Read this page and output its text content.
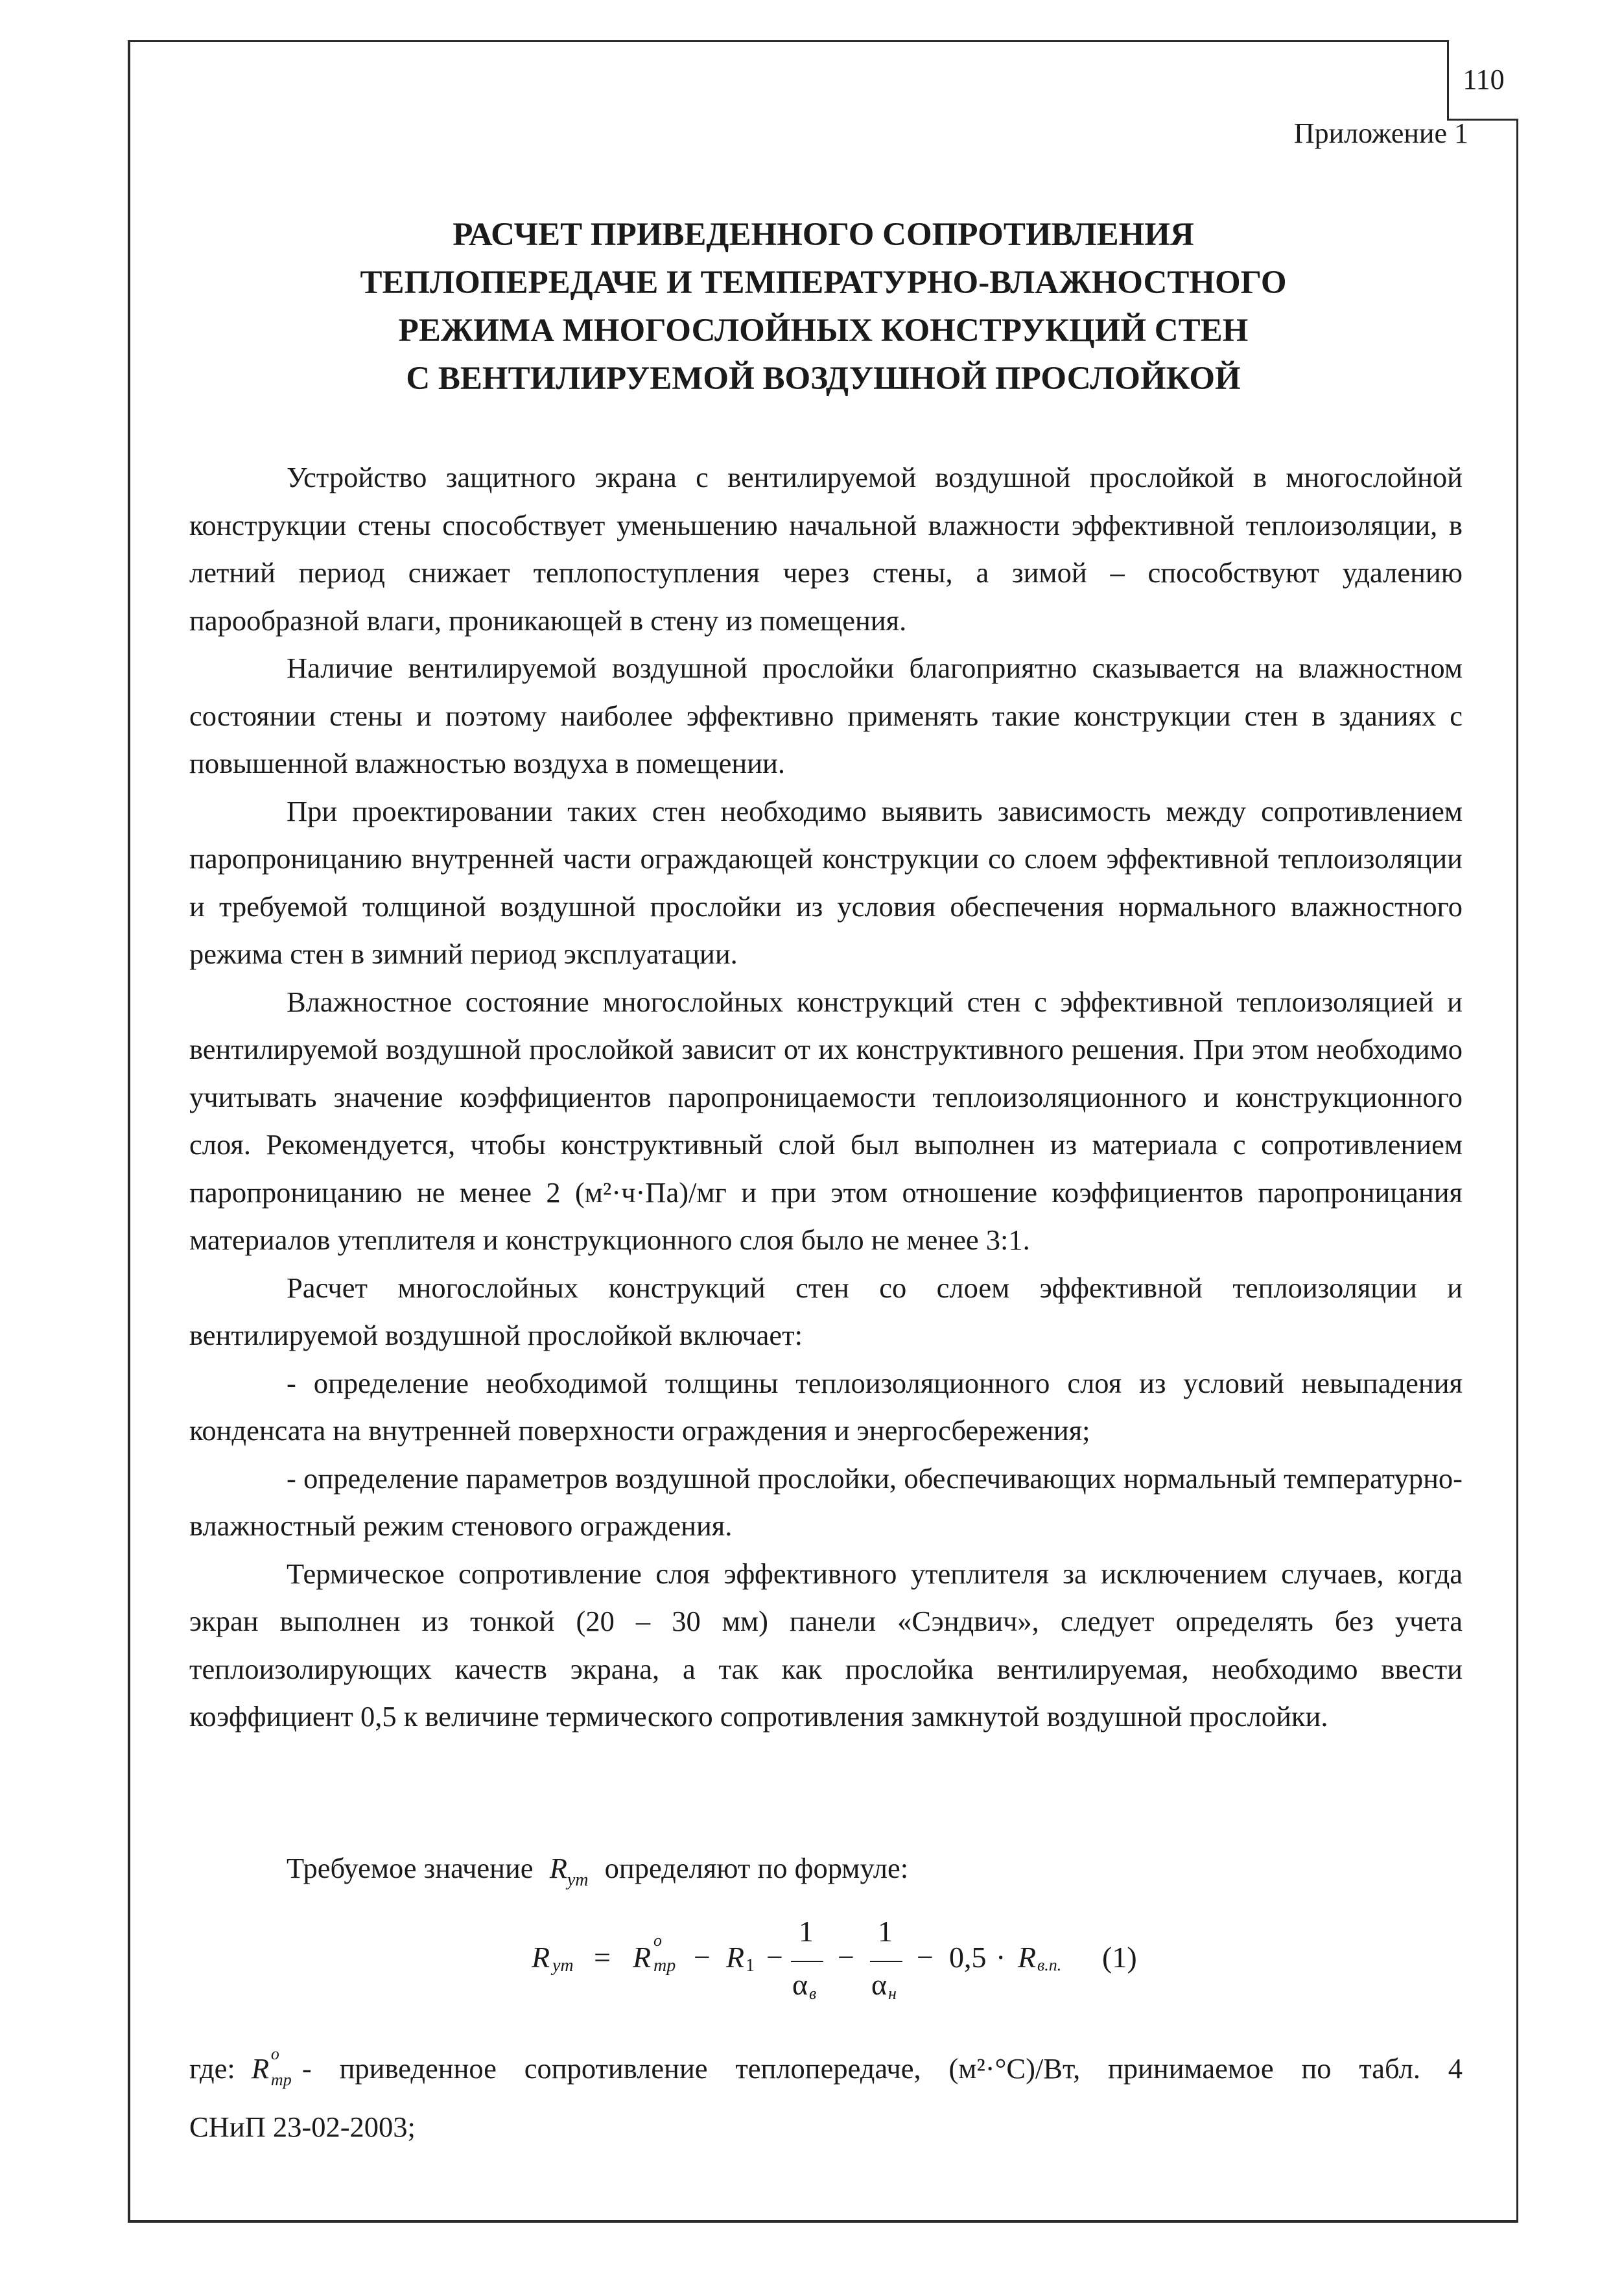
110
Приложение 1
РАСЧЕТ ПРИВЕДЕННОГО СОПРОТИВЛЕНИЯ
ТЕПЛОПЕРЕДАЧЕ И ТЕМПЕРАТУРНО-ВЛАЖНОСТНОГО
РЕЖИМА МНОГОСЛОЙНЫХ КОНСТРУКЦИЙ СТЕН
С ВЕНТИЛИРУЕМОЙ ВОЗДУШНОЙ ПРОСЛОЙКОЙ

Устройство защитного экрана с вентилируемой воздушной прослойкой в многослойной конструкции стены способствует уменьшению начальной влажности эффективной теплоизоляции, в летний период снижает теплопоступления через стены, а зимой – способствуют удалению парообразной влаги, проникающей в стену из помещения.

Наличие вентилируемой воздушной прослойки благоприятно сказывается на влажностном состоянии стены и поэтому наиболее эффективно применять такие конструкции стен в зданиях с повышенной влажностью воздуха в помещении.

При проектировании таких стен необходимо выявить зависимость между сопротивлением паропроницанию внутренней части ограждающей конструкции со слоем эффективной теплоизоляции и требуемой толщиной воздушной прослойки из условия обеспечения нормального влажностного режима стен в зимний период эксплуатации.

Влажностное состояние многослойных конструкций стен с эффективной теплоизоляцией и вентилируемой воздушной прослойкой зависит от их конструктивного решения. При этом необходимо учитывать значение коэффициентов паропроницаемости теплоизоляционного и конструкционного слоя. Рекомендуется, чтобы конструктивный слой был выполнен из материала с сопротивлением паропроницанию не менее 2 (м²·ч·Па)/мг и при этом отношение коэффициентов паропроницания материалов утеплителя и конструкционного слоя было не менее 3:1.

Расчет многослойных конструкций стен со слоем эффективной теплоизоляции и вентилируемой воздушной прослойкой включает:

- определение необходимой толщины теплоизоляционного слоя из условий невыпадения конденсата на внутренней поверхности ограждения и энергосбережения;

- определение параметров воздушной прослойки, обеспечивающих нормальный температурно-влажностный режим стенового ограждения.

Термическое сопротивление слоя эффективного утеплителя за исключением случаев, когда экран выполнен из тонкой (20 – 30 мм) панели «Сэндвич», следует определять без учета теплоизолирующих качеств экрана, а так как прослойка вентилируемая, необходимо ввести коэффициент 0,5 к величине термического сопротивления замкнутой воздушной прослойки.

Требуемое значение $R_{ут}$ определяют по формуле:
R ут = R
о
тр − R 1 −
1
α в
−
1
α н
− 0,5 · R в.п. (1)
где: R о
тр - приведенное сопротивление теплопередаче, (м²·°С)/Вт, принимаемое по табл. 4
СНиП 23-02-2003;
